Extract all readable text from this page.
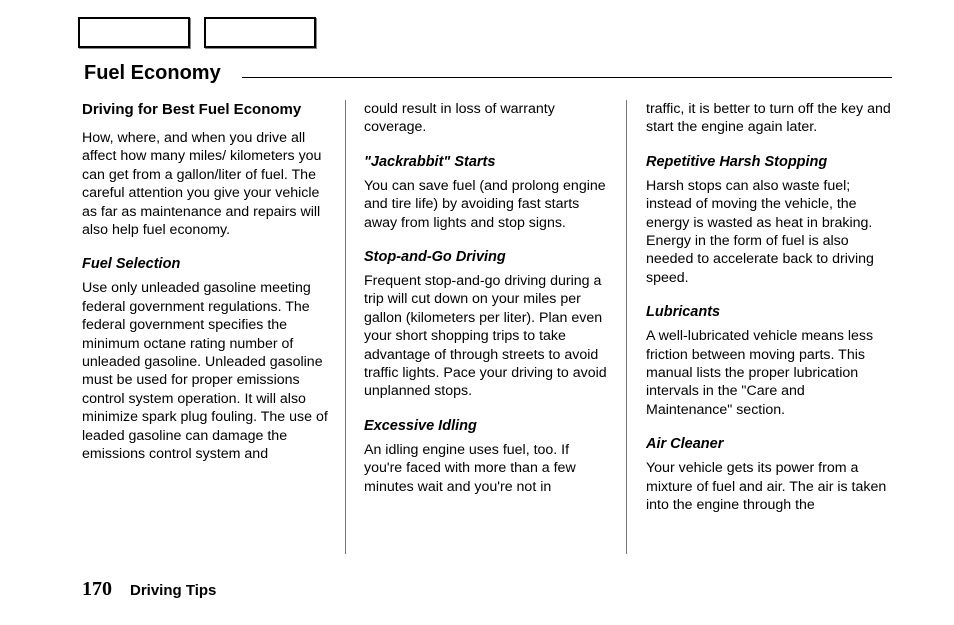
Fuel Economy
Driving for Best Fuel Economy

How, where, and when you drive all affect how many miles/ kilometers you can get from a gallon/liter of fuel. The careful attention you give your vehicle as far as maintenance and repairs will also help fuel economy.

Fuel Selection

Use only unleaded gasoline meeting federal government regulations. The federal government specifies the minimum octane rating number of unleaded gasoline. Unleaded gasoline must be used for proper emissions control system operation. It will also minimize spark plug fouling. The use of leaded gasoline can damage the emissions control system and

could result in loss of warranty coverage.

"Jackrabbit" Starts

You can save fuel (and prolong engine and tire life) by avoiding fast starts away from lights and stop signs.

Stop-and-Go Driving

Frequent stop-and-go driving during a trip will cut down on your miles per gallon (kilometers per liter). Plan even your short shopping trips to take advantage of through streets to avoid traffic lights. Pace your driving to avoid unplanned stops.

Excessive Idling

An idling engine uses fuel, too. If you're faced with more than a few minutes wait and you're not in

traffic, it is better to turn off the key and start the engine again later.

Repetitive Harsh Stopping

Harsh stops can also waste fuel; instead of moving the vehicle, the energy is wasted as heat in braking. Energy in the form of fuel is also needed to accelerate back to driving speed.

Lubricants

A well-lubricated vehicle means less friction between moving parts. This manual lists the proper lubrication intervals in the "Care and Maintenance" section.

Air Cleaner

Your vehicle gets its power from a mixture of fuel and air. The air is taken into the engine through the

170 Driving Tips
